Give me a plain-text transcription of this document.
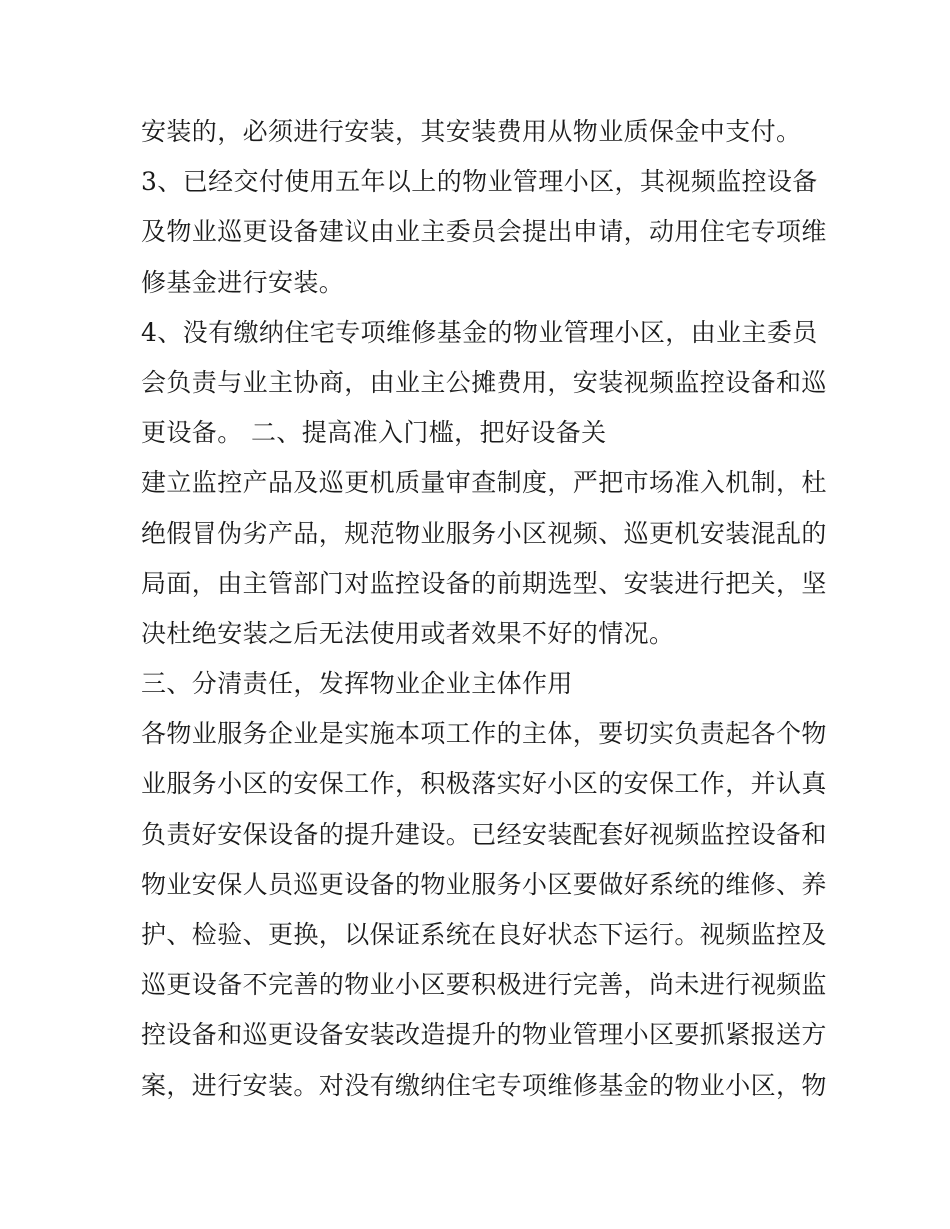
安装的，必须进行安装，其安装费用从物业质保金中支付。
3、已经交付使用五年以上的物业管理小区，其视频监控设备
及物业巡更设备建议由业主委员会提出申请，动用住宅专项维
修基金进行安装。
4、没有缴纳住宅专项维修基金的物业管理小区，由业主委员
会负责与业主协商，由业主公摊费用，安装视频监控设备和巡
更设备。 二、提高准入门槛，把好设备关
建立监控产品及巡更机质量审查制度，严把市场准入机制，杜
绝假冒伪劣产品，规范物业服务小区视频、巡更机安装混乱的
局面，由主管部门对监控设备的前期选型、安装进行把关，坚
决杜绝安装之后无法使用或者效果不好的情况。
三、分清责任，发挥物业企业主体作用
各物业服务企业是实施本项工作的主体，要切实负责起各个物
业服务小区的安保工作，积极落实好小区的安保工作，并认真
负责好安保设备的提升建设。已经安装配套好视频监控设备和
物业安保人员巡更设备的物业服务小区要做好系统的维修、养
护、检验、更换，以保证系统在良好状态下运行。视频监控及
巡更设备不完善的物业小区要积极进行完善，尚未进行视频监
控设备和巡更设备安装改造提升的物业管理小区要抓紧报送方
案，进行安装。对没有缴纳住宅专项维修基金的物业小区，物
